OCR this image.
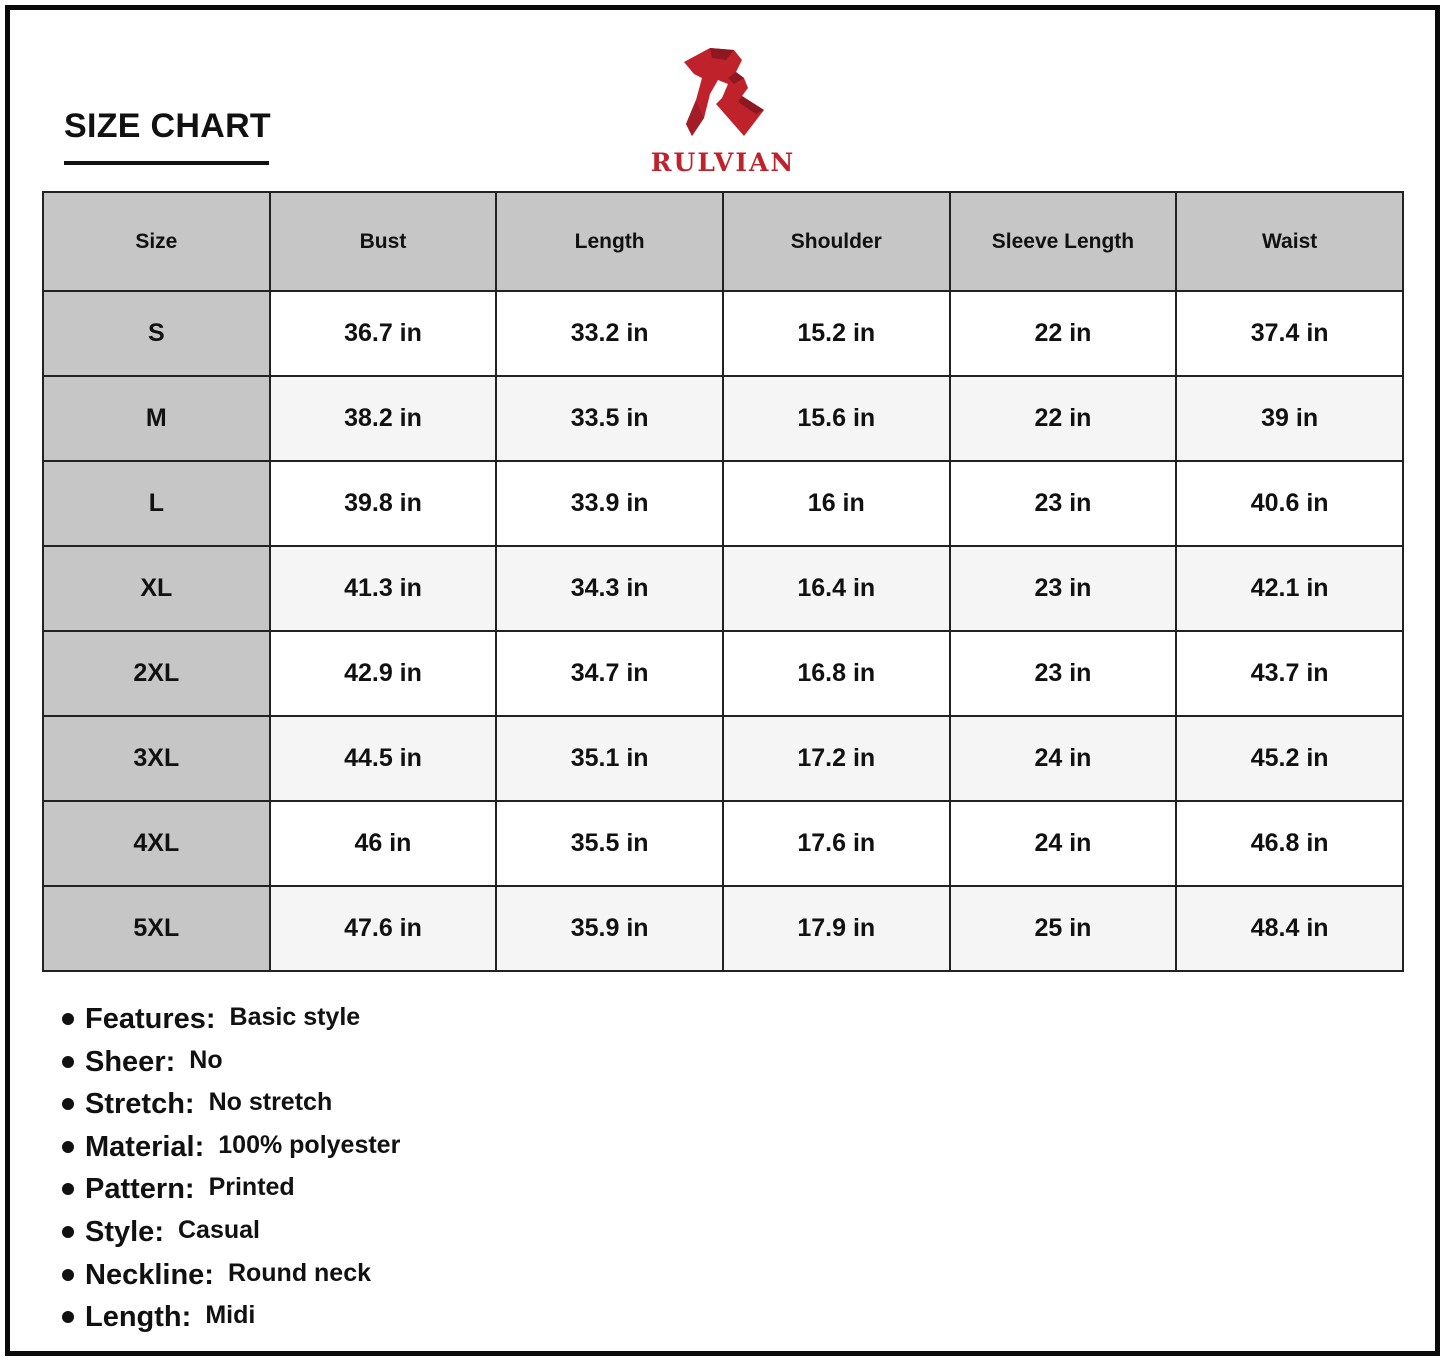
SIZE CHART
RULVIAN
Size	Bust	Length	Shoulder	Sleeve Length	Waist
S	36.7 in	33.2 in	15.2 in	22 in	37.4 in
M	38.2 in	33.5 in	15.6 in	22 in	39 in
L	39.8 in	33.9 in	16 in	23 in	40.6 in
XL	41.3 in	34.3 in	16.4 in	23 in	42.1 in
2XL	42.9 in	34.7 in	16.8 in	23 in	43.7 in
3XL	44.5 in	35.1 in	17.2 in	24 in	45.2 in
4XL	46 in	35.5 in	17.6 in	24 in	46.8 in
5XL	47.6 in	35.9 in	17.9 in	25 in	48.4 in
Features: Basic style
Sheer: No
Stretch: No stretch
Material: 100% polyester
Pattern: Printed
Style: Casual
Neckline: Round neck
Length: Midi
